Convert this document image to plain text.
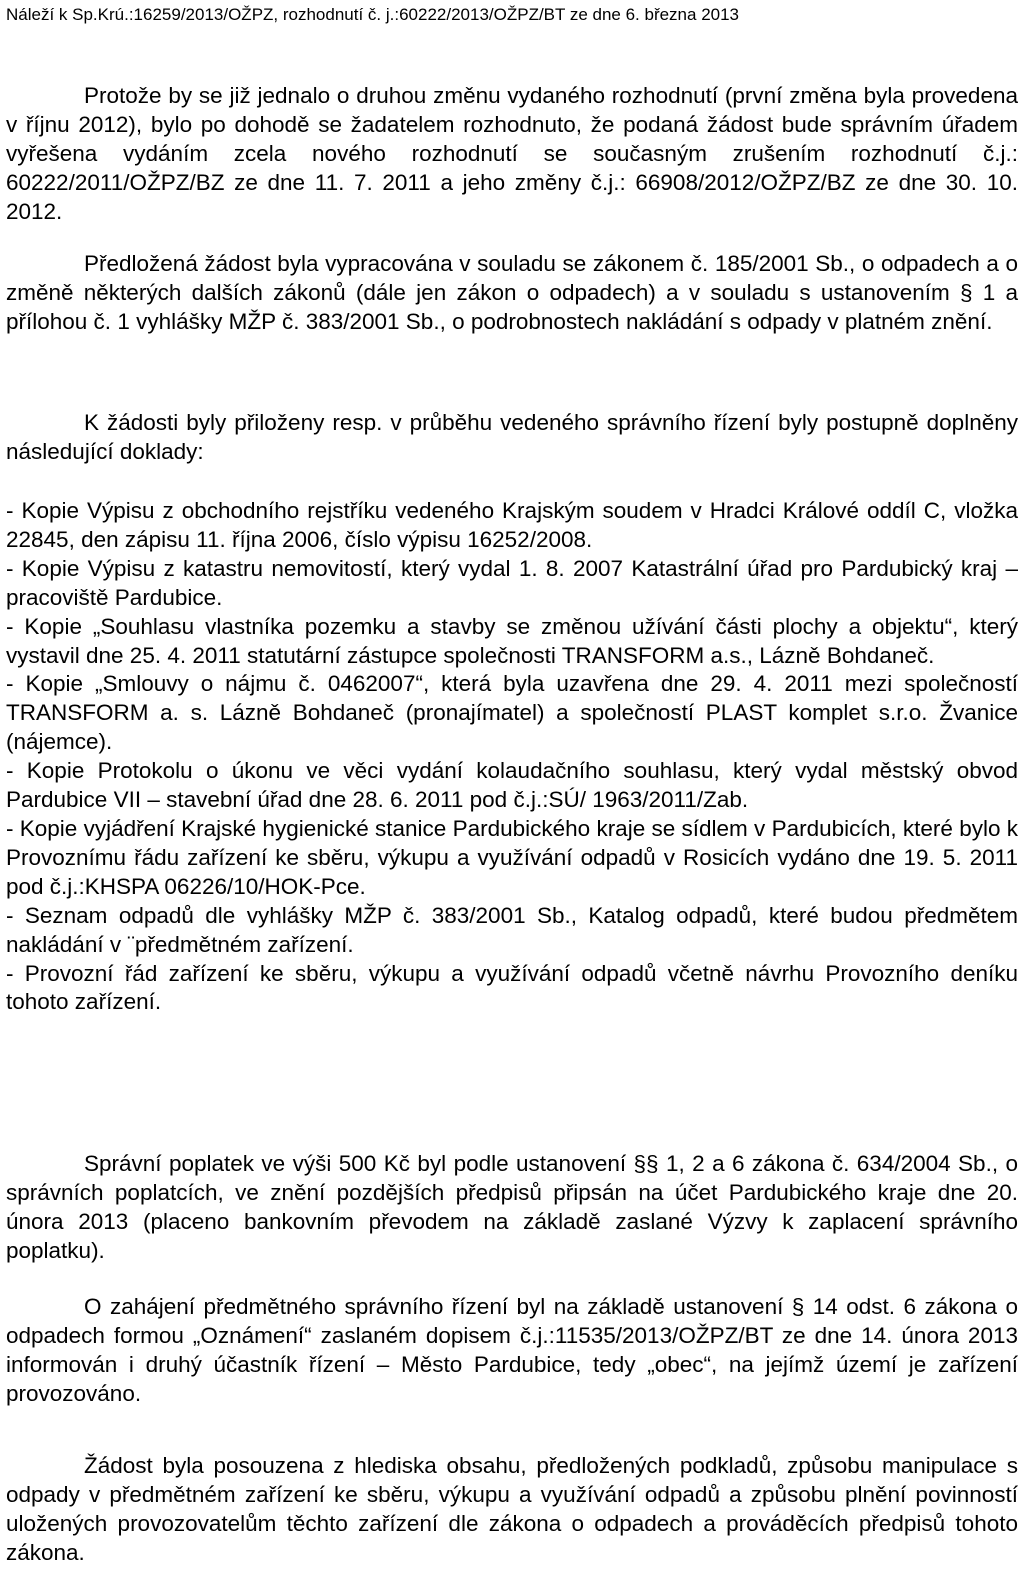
Náleží k Sp.Krú.:16259/2013/OŽPZ, rozhodnutí č. j.:60222/2013/OŽPZ/BT ze dne 6. března 2013

Protože by se již jednalo o druhou změnu vydaného rozhodnutí (první změna byla provedena v říjnu 2012), bylo po dohodě se žadatelem rozhodnuto, že podaná žádost bude správním úřadem vyřešena vydáním zcela nového rozhodnutí se současným zrušením rozhodnutí č.j.: 60222/2011/OŽPZ/BZ ze dne 11. 7. 2011 a jeho změny č.j.: 66908/2012/OŽPZ/BZ ze dne 30. 10. 2012.

Předložená žádost byla vypracována v souladu se zákonem č. 185/2001 Sb., o odpadech a o změně některých dalších zákonů (dále jen zákon o odpadech) a v souladu s ustanovením § 1 a přílohou č. 1 vyhlášky MŽP č. 383/2001 Sb., o podrobnostech nakládání s odpady v platném znění.

K žádosti byly přiloženy resp. v průběhu vedeného správního řízení byly postupně doplněny následující doklady:

- Kopie Výpisu z obchodního rejstříku vedeného Krajským soudem v Hradci Králové oddíl C, vložka 22845, den zápisu 11. října 2006, číslo výpisu 16252/2008.
- Kopie Výpisu z katastru nemovitostí, který vydal 1. 8. 2007 Katastrální úřad pro Pardubický kraj – pracoviště Pardubice.
- Kopie „Souhlasu vlastníka pozemku a stavby se změnou užívání části plochy a objektu“, který vystavil dne 25. 4. 2011 statutární zástupce společnosti TRANSFORM a.s., Lázně Bohdaneč.
- Kopie „Smlouvy o nájmu č. 0462007“, která byla uzavřena dne 29. 4. 2011 mezi společností TRANSFORM a. s. Lázně Bohdaneč (pronajímatel) a společností PLAST komplet s.r.o. Žvanice (nájemce).
- Kopie Protokolu o úkonu ve věci vydání kolaudačního souhlasu, který vydal městský obvod Pardubice VII – stavební úřad dne 28. 6. 2011 pod č.j.:SÚ/ 1963/2011/Zab.
- Kopie vyjádření Krajské hygienické stanice Pardubického kraje se sídlem v Pardubicích, které bylo k Provoznímu řádu zařízení ke sběru, výkupu a využívání odpadů v Rosicích vydáno dne 19. 5. 2011 pod č.j.:KHSPA 06226/10/HOK-Pce.
- Seznam odpadů dle vyhlášky MŽP č. 383/2001 Sb., Katalog odpadů, které budou předmětem nakládání v ¨předmětném zařízení.
- Provozní řád zařízení ke sběru, výkupu a využívání odpadů včetně návrhu Provozního deníku tohoto zařízení.

Správní poplatek ve výši 500 Kč byl podle ustanovení §§ 1, 2 a 6 zákona č. 634/2004 Sb., o správních poplatcích, ve znění pozdějších předpisů připsán na účet Pardubického kraje dne 20. února 2013 (placeno bankovním převodem na základě zaslané Výzvy k zaplacení správního poplatku).

O zahájení předmětného správního řízení byl na základě ustanovení § 14 odst. 6 zákona o odpadech formou „Oznámení“ zaslaném dopisem č.j.:11535/2013/OŽPZ/BT ze dne 14. února 2013 informován i druhý účastník řízení – Město Pardubice, tedy „obec“, na jejímž území je zařízení provozováno.

Žádost byla posouzena z hlediska obsahu, předložených podkladů, způsobu manipulace s odpady v předmětném zařízení ke sběru, výkupu a využívání odpadů a způsobu plnění povinností uložených provozovatelům těchto zařízení dle zákona o odpadech a prováděcích předpisů tohoto zákona.
